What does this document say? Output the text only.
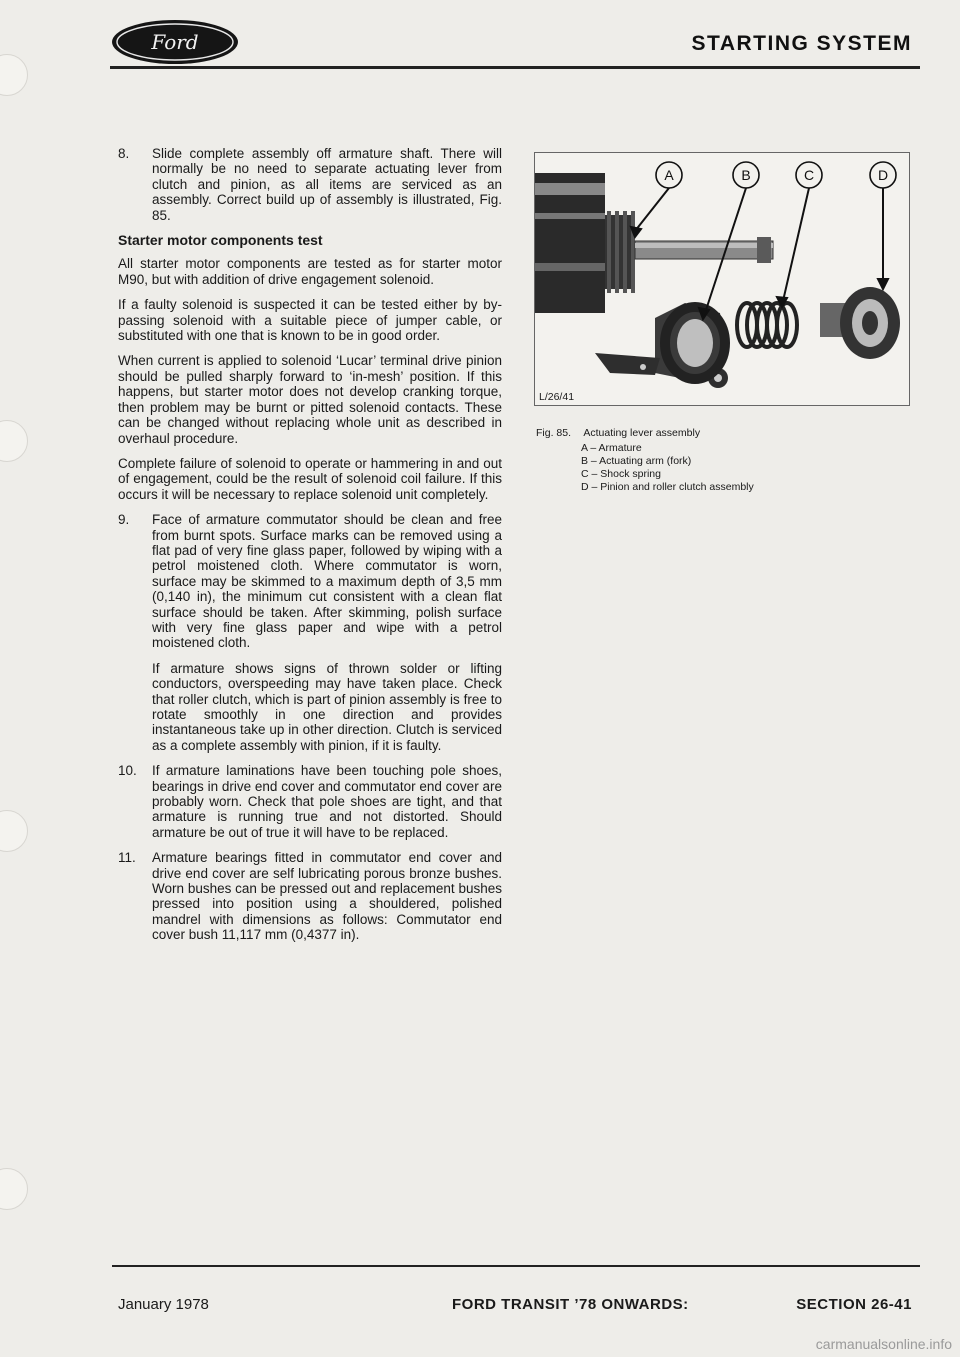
Ford	STARTING SYSTEM
8.	Slide complete assembly off armature shaft. There will normally be no need to separate actuating lever from clutch and pinion, as all items are serviced as an assembly. Correct build up of assembly is illustrated, Fig. 85.
Starter motor components test

All starter motor components are tested as for starter motor M90, but with addition of drive engagement solenoid.

If a faulty solenoid is suspected it can be tested either by by-passing solenoid with a suitable piece of jumper cable, or substituted with one that is known to be in good order.

When current is applied to solenoid ‘Lucar’ terminal drive pinion should be pulled sharply forward to ‘in-mesh’ position. If this happens, but starter motor does not develop cranking torque, then problem may be burnt or pitted solenoid contacts. These can be changed without replacing whole unit as described in overhaul procedure.

Complete failure of solenoid to operate or hammering in and out of engagement, could be the result of solenoid coil failure. If this occurs it will be necessary to replace solenoid unit completely.

9.	Face of armature commutator should be clean and free from burnt spots. Surface marks can be removed using a flat pad of very fine glass paper, followed by wiping with a petrol moistened cloth. Where commutator is worn, surface may be skimmed to a maximum depth of 3,5 mm (0,140 in), the minimum cut consistent with a clean flat surface should be taken. After skimming, polish surface with very fine glass paper and wipe with a petrol moistened cloth.
If armature shows signs of thrown solder or lifting conductors, overspeeding may have taken place. Check that roller clutch, which is part of pinion assembly is free to rotate smoothly in one direction and provides instantaneous take up in other direction. Clutch is serviced as a complete assembly with pinion, if it is faulty.
10.	If armature laminations have been touching pole shoes, bearings in drive end cover and commutator end cover are probably worn. Check that pole shoes are tight, and that armature is running true and not distorted. Should armature be out of true it will have to be replaced.
11.	Armature bearings fitted in commutator end cover and drive end cover are self lubricating porous bronze bushes. Worn bushes can be pressed out and replacement bushes pressed into position using a shouldered, polished mandrel with dimensions as follows: Commutator end cover bush 11,117 mm (0,4377 in).
A	B	C	D
L/26/41
Fig. 85. Actuating lever assembly
A – Armature
B – Actuating arm (fork)
C – Shock spring
D – Pinion and roller clutch assembly
January 1978	FORD TRANSIT ’78 ONWARDS:	SECTION 26-41
carmanualsonline.info
